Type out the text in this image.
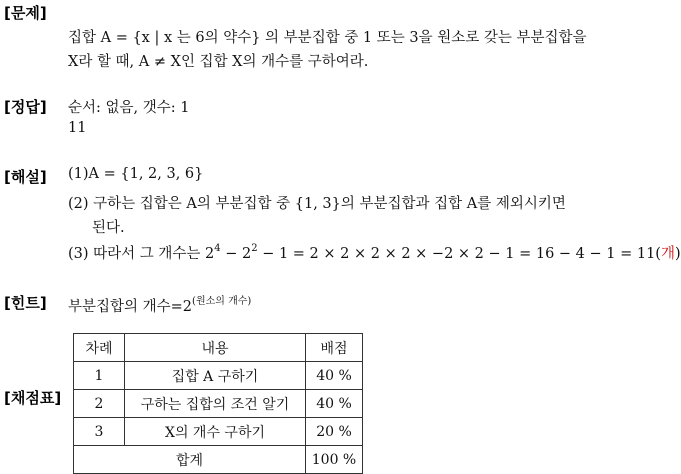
[문제]
집합 A = {x | x 는 6의 약수} 의 부분집합 중 1 또는 3을 원소로 갖는 부분집합을
X라 할 때, A ≠ X인 집합 X의 개수를 구하여라.
[정답] 순서: 없음, 갯수: 1
11
[해설] (1)A = {1, 2, 3, 6}
(2) 구하는 집합은 A의 부분집합 중 {1, 3}의 부분집합과 집합 A를 제외시키면
된다.
(3) 따라서 그 개수는 $2^4 - 2^2 - 1 = 2 \times 2 \times 2 \times 2 \times -2 \times 2 - 1 = 16 - 4 - 1 = 11$(개)
[힌트] 부분집합의 개수$=2^{(원소의 개수)}$
[채점표]
차례	내용	배점
1	집합 A 구하기	40 %
2	구하는 집합의 조건 알기	40 %
3	X의 개수 구하기	20 %
합계		100 %
